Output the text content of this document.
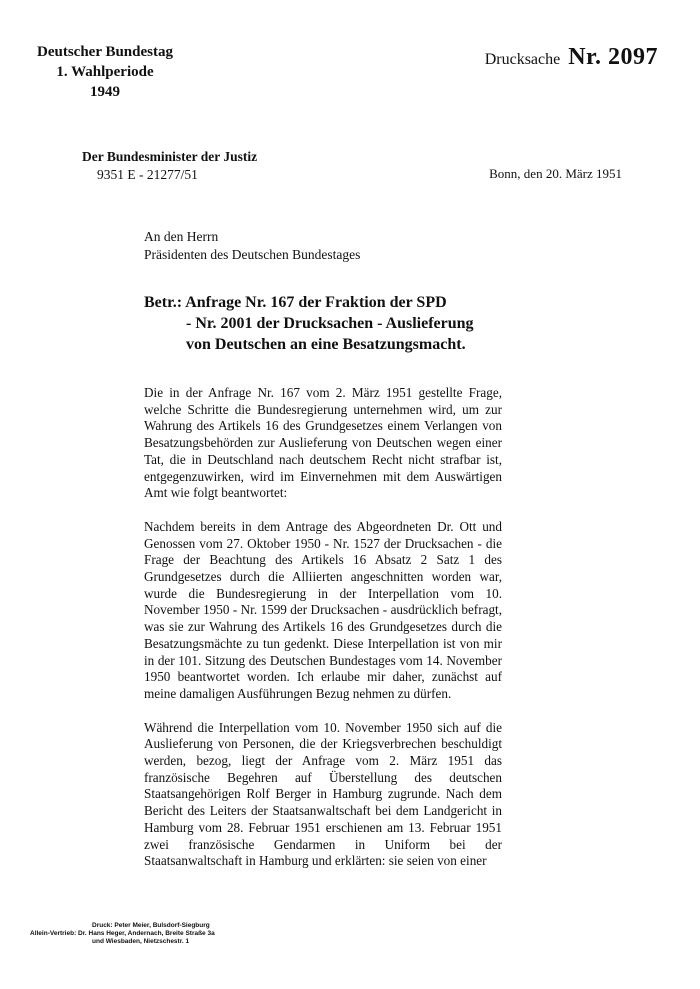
Deutscher Bundestag
1. Wahlperiode
1949
Drucksache Nr. 2097
Der Bundesminister der Justiz
9351 E - 21277/51	Bonn, den 20. März 1951
An den Herrn
Präsidenten des Deutschen Bundestages
Betr.: Anfrage Nr. 167 der Fraktion der SPD
- Nr. 2001 der Drucksachen - Auslieferung
von Deutschen an eine Besatzungsmacht.

Die in der Anfrage Nr. 167 vom 2. März 1951 gestellte Frage, welche Schritte die Bundesregierung unternehmen wird, um zur Wahrung des Artikels 16 des Grundgesetzes einem Verlangen von Besatzungsbehörden zur Auslieferung von Deutschen wegen einer Tat, die in Deutschland nach deutschem Recht nicht strafbar ist, entgegenzuwirken, wird im Einvernehmen mit dem Auswärtigen Amt wie folgt beantwortet:

Nachdem bereits in dem Antrage des Abgeordneten Dr. Ott und Genossen vom 27. Oktober 1950 - Nr. 1527 der Drucksachen - die Frage der Beachtung des Artikels 16 Absatz 2 Satz 1 des Grundgesetzes durch die Alliierten angeschnitten worden war, wurde die Bundesregierung in der Interpellation vom 10. November 1950 - Nr. 1599 der Drucksachen - ausdrücklich befragt, was sie zur Wahrung des Artikels 16 des Grundgesetzes durch die Besatzungsmächte zu tun gedenkt. Diese Interpellation ist von mir in der 101. Sitzung des Deutschen Bundestages vom 14. November 1950 beantwortet worden. Ich erlaube mir daher, zunächst auf meine damaligen Ausführungen Bezug nehmen zu dürfen.

Während die Interpellation vom 10. November 1950 sich auf die Auslieferung von Personen, die der Kriegsverbrechen beschuldigt werden, bezog, liegt der Anfrage vom 2. März 1951 das französische Begehren auf Überstellung des deutschen Staatsangehörigen Rolf Berger in Hamburg zugrunde. Nach dem Bericht des Leiters der Staatsanwaltschaft bei dem Landgericht in Hamburg vom 28. Februar 1951 erschienen am 13. Februar 1951 zwei französische Gendarmen in Uniform bei der Staatsanwaltschaft in Hamburg und erklärten: sie seien von einer

Druck: Peter Meier, Bulsdorf-Siegburg
Allein-Vertrieb: Dr. Hans Heger, Andernach, Breite Straße 3a
und Wiesbaden, Nietzschestr. 1
